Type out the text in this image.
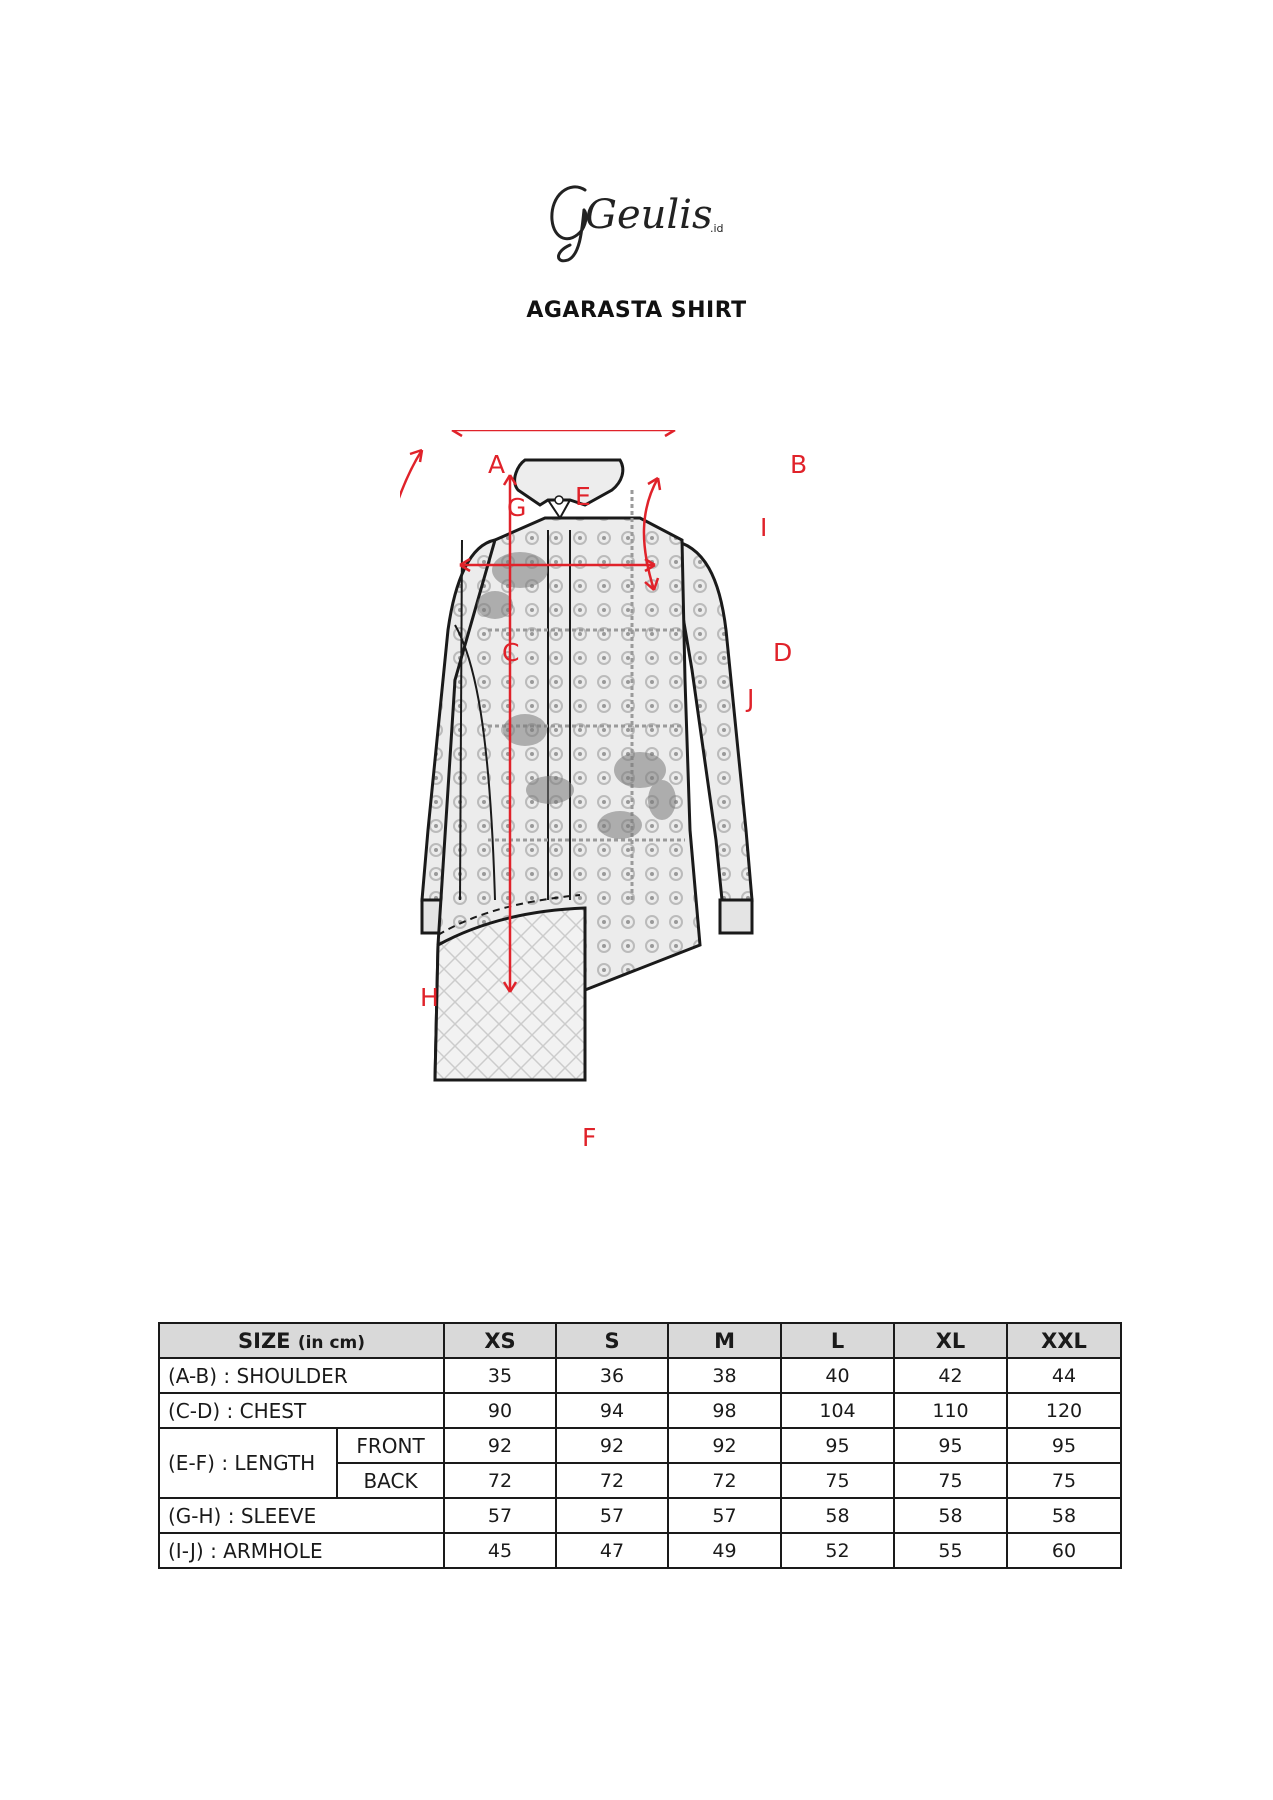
Geulis
.id
AGARASTA SHIRT
A	B
E
G
I
C	D
J
H
F
SIZE (in cm)		XS	S	M	L	XL	XXL
(A-B) : SHOULDER		35	36	38	40	42	44
(C-D) : CHEST		90	94	98	104	110	120
(E-F) : LENGTH	FRONT	92	92	92	95	95	95
	BACK	72	72	72	75	75	75
(G-H) : SLEEVE		57	57	57	58	58	58
(I-J) : ARMHOLE		45	47	49	52	55	60
